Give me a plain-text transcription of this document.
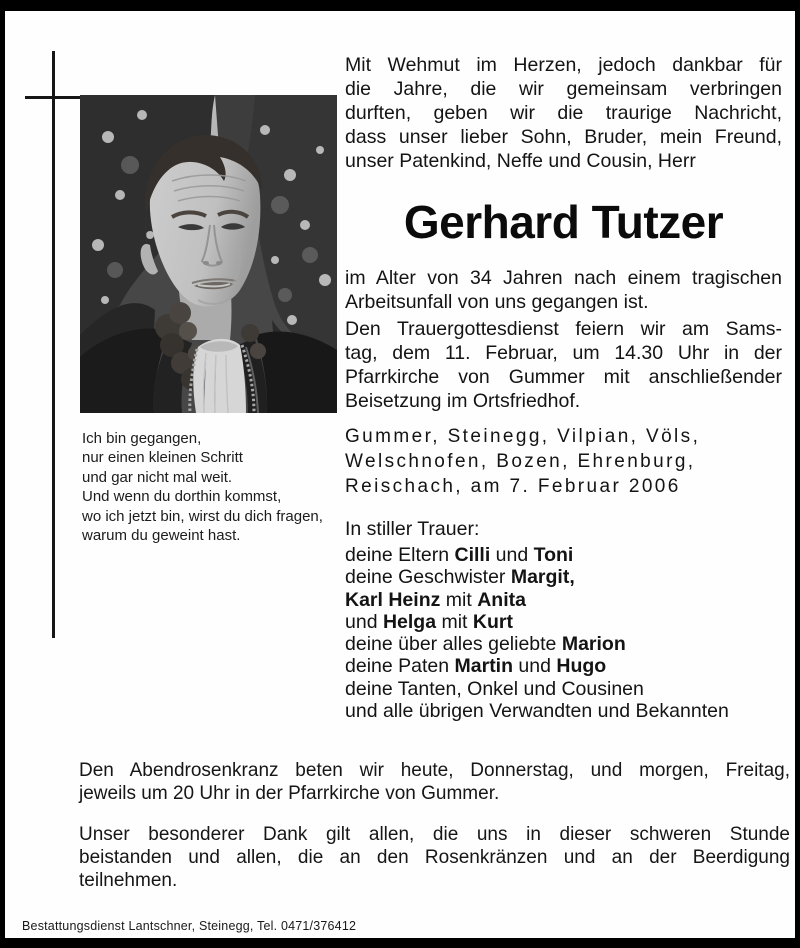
Ich bin gegangen,
nur einen kleinen Schritt
und gar nicht mal weit.
Und wenn du dorthin kommst,
wo ich jetzt bin, wirst du dich fragen,
warum du geweint hast.
Mit Wehmut im Herzen, jedoch dankbar für
die Jahre, die wir gemeinsam verbringen
durften, geben wir die traurige Nachricht,
dass unser lieber Sohn, Bruder, mein Freund,
unser Patenkind, Neffe und Cousin, Herr
Gerhard Tutzer
im Alter von 34 Jahren nach einem tragischen
Arbeitsunfall von uns gegangen ist.
Den Trauergottesdienst feiern wir am Sams-
tag, dem 11. Februar, um 14.30 Uhr in der
Pfarrkirche von Gummer mit anschließender
Beisetzung im Ortsfriedhof.
Gummer, Steinegg, Vilpian, Völs,
Welschnofen, Bozen, Ehrenburg,
Reischach, am 7. Februar 2006
In stiller Trauer:
deine Eltern Cilli und Toni
deine Geschwister Margit,
Karl Heinz mit Anita
und Helga mit Kurt
deine über alles geliebte Marion
deine Paten Martin und Hugo
deine Tanten, Onkel und Cousinen
und alle übrigen Verwandten und Bekannten
Den Abendrosenkranz beten wir heute, Donnerstag, und morgen, Freitag,
jeweils um 20 Uhr in der Pfarrkirche von Gummer.
Unser besonderer Dank gilt allen, die uns in dieser schweren Stunde
beistanden und allen, die an den Rosenkränzen und an der Beerdigung
teilnehmen.
Bestattungsdienst Lantschner, Steinegg, Tel. 0471/376412
